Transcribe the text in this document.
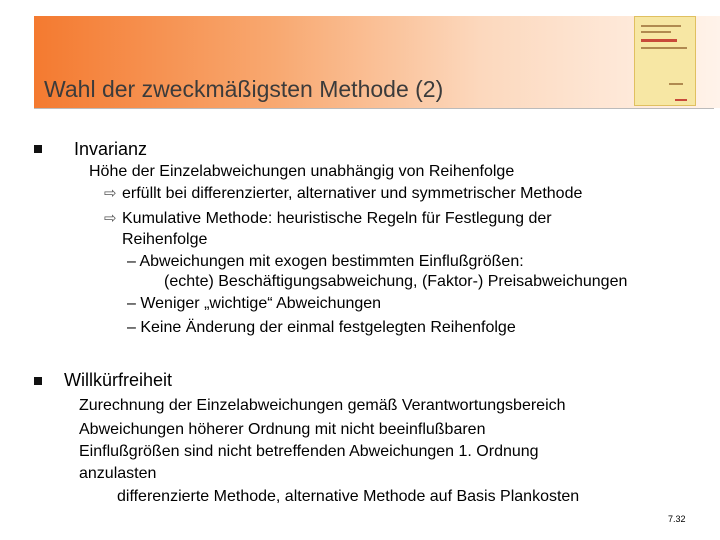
Wahl der zweckmäßigsten Methode (2)
Invarianz
Höhe der Einzelabweichungen unabhängig von Reihenfolge
⇨ erfüllt bei differenzierter, alternativer und symmetrischer Methode
⇨ Kumulative Methode: heuristische Regeln für Festlegung der
Reihenfolge
– Abweichungen mit exogen bestimmten Einflußgrößen:
(echte) Beschäftigungsabweichung, (Faktor-) Preisabweichungen
– Weniger „wichtige“ Abweichungen
– Keine Änderung der einmal festgelegten Reihenfolge
Willkürfreiheit
Zurechnung der Einzelabweichungen gemäß Verantwortungsbereich
Abweichungen höherer Ordnung mit nicht beeinflußbaren
Einflußgrößen sind nicht betreffenden Abweichungen 1. Ordnung
anzulasten
differenzierte Methode, alternative Methode auf Basis Plankosten
7.32
